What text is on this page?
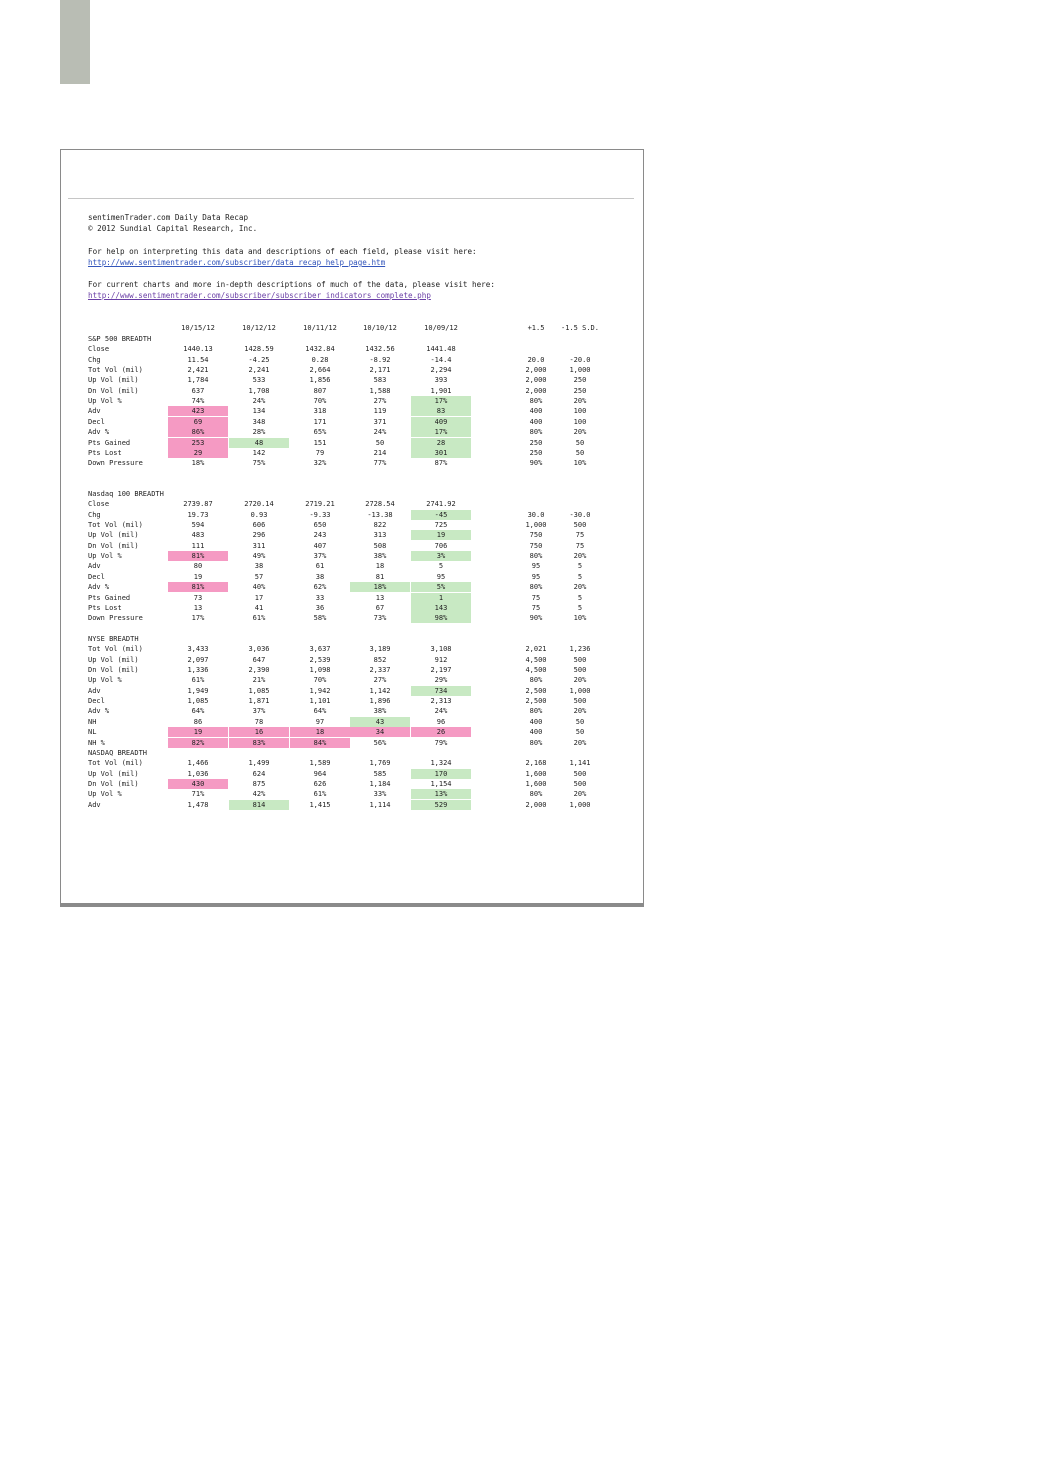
sentimenTrader.com Daily Data Recap
© 2012 Sundial Capital Research, Inc.
For help on interpreting this data and descriptions of each field, please visit here:
http://www.sentimentrader.com/subscriber/data_recap_help_page.htm
For current charts and more in-depth descriptions of much of the data, please visit here:
http://www.sentimentrader.com/subscriber/subscriber_indicators_complete.php
10/15/12	10/12/12	10/11/12	10/10/12	10/09/12	+1.5	-1.5 S.D.
S&P 500 BREADTH
Close	1440.13	1428.59	1432.84	1432.56	1441.48
Chg	11.54	-4.25	0.28	-8.92	-14.4	20.0	-20.0
Tot Vol (mil)	2,421	2,241	2,664	2,171	2,294	2,000	1,000
Up Vol (mil)	1,784	533	1,856	583	393	2,000	250
Dn Vol (mil)	637	1,708	807	1,588	1,901	2,000	250
Up Vol %	74%	24%	70%	27%	17%	80%	20%
Adv	423	134	318	119	83	400	100
Decl	69	348	171	371	409	400	100
Adv %	86%	28%	65%	24%	17%	80%	20%
Pts Gained	253	48	151	50	28	250	50
Pts Lost	29	142	79	214	301	250	50
Down Pressure	18%	75%	32%	77%	87%	90%	10%
Nasdaq 100 BREADTH
Close	2739.87	2720.14	2719.21	2728.54	2741.92
Chg	19.73	0.93	-9.33	-13.38	-45	30.0	-30.0
Tot Vol (mil)	594	606	650	822	725	1,000	500
Up Vol (mil)	483	296	243	313	19	750	75
Dn Vol (mil)	111	311	407	508	706	750	75
Up Vol %	81%	49%	37%	38%	3%	80%	20%
Adv	80	38	61	18	5	95	5
Decl	19	57	38	81	95	95	5
Adv %	81%	40%	62%	18%	5%	80%	20%
Pts Gained	73	17	33	13	1	75	5
Pts Lost	13	41	36	67	143	75	5
Down Pressure	17%	61%	58%	73%	98%	90%	10%
NYSE BREADTH
Tot Vol (mil)	3,433	3,036	3,637	3,189	3,108	2,021	1,236
Up Vol (mil)	2,097	647	2,539	852	912	4,500	500
Dn Vol (mil)	1,336	2,390	1,098	2,337	2,197	4,500	500
Up Vol %	61%	21%	70%	27%	29%	80%	20%
Adv	1,949	1,085	1,942	1,142	734	2,500	1,000
Decl	1,085	1,871	1,101	1,896	2,313	2,500	500
Adv %	64%	37%	64%	38%	24%	80%	20%
NH	86	78	97	43	96	400	50
NL	19	16	18	34	26	400	50
NH %	82%	83%	84%	56%	79%	80%	20%
NASDAQ BREADTH
Tot Vol (mil)	1,466	1,499	1,589	1,769	1,324	2,168	1,141
Up Vol (mil)	1,036	624	964	585	170	1,600	500
Dn Vol (mil)	430	875	626	1,184	1,154	1,600	500
Up Vol %	71%	42%	61%	33%	13%	80%	20%
Adv	1,478	814	1,415	1,114	529	2,000	1,000
